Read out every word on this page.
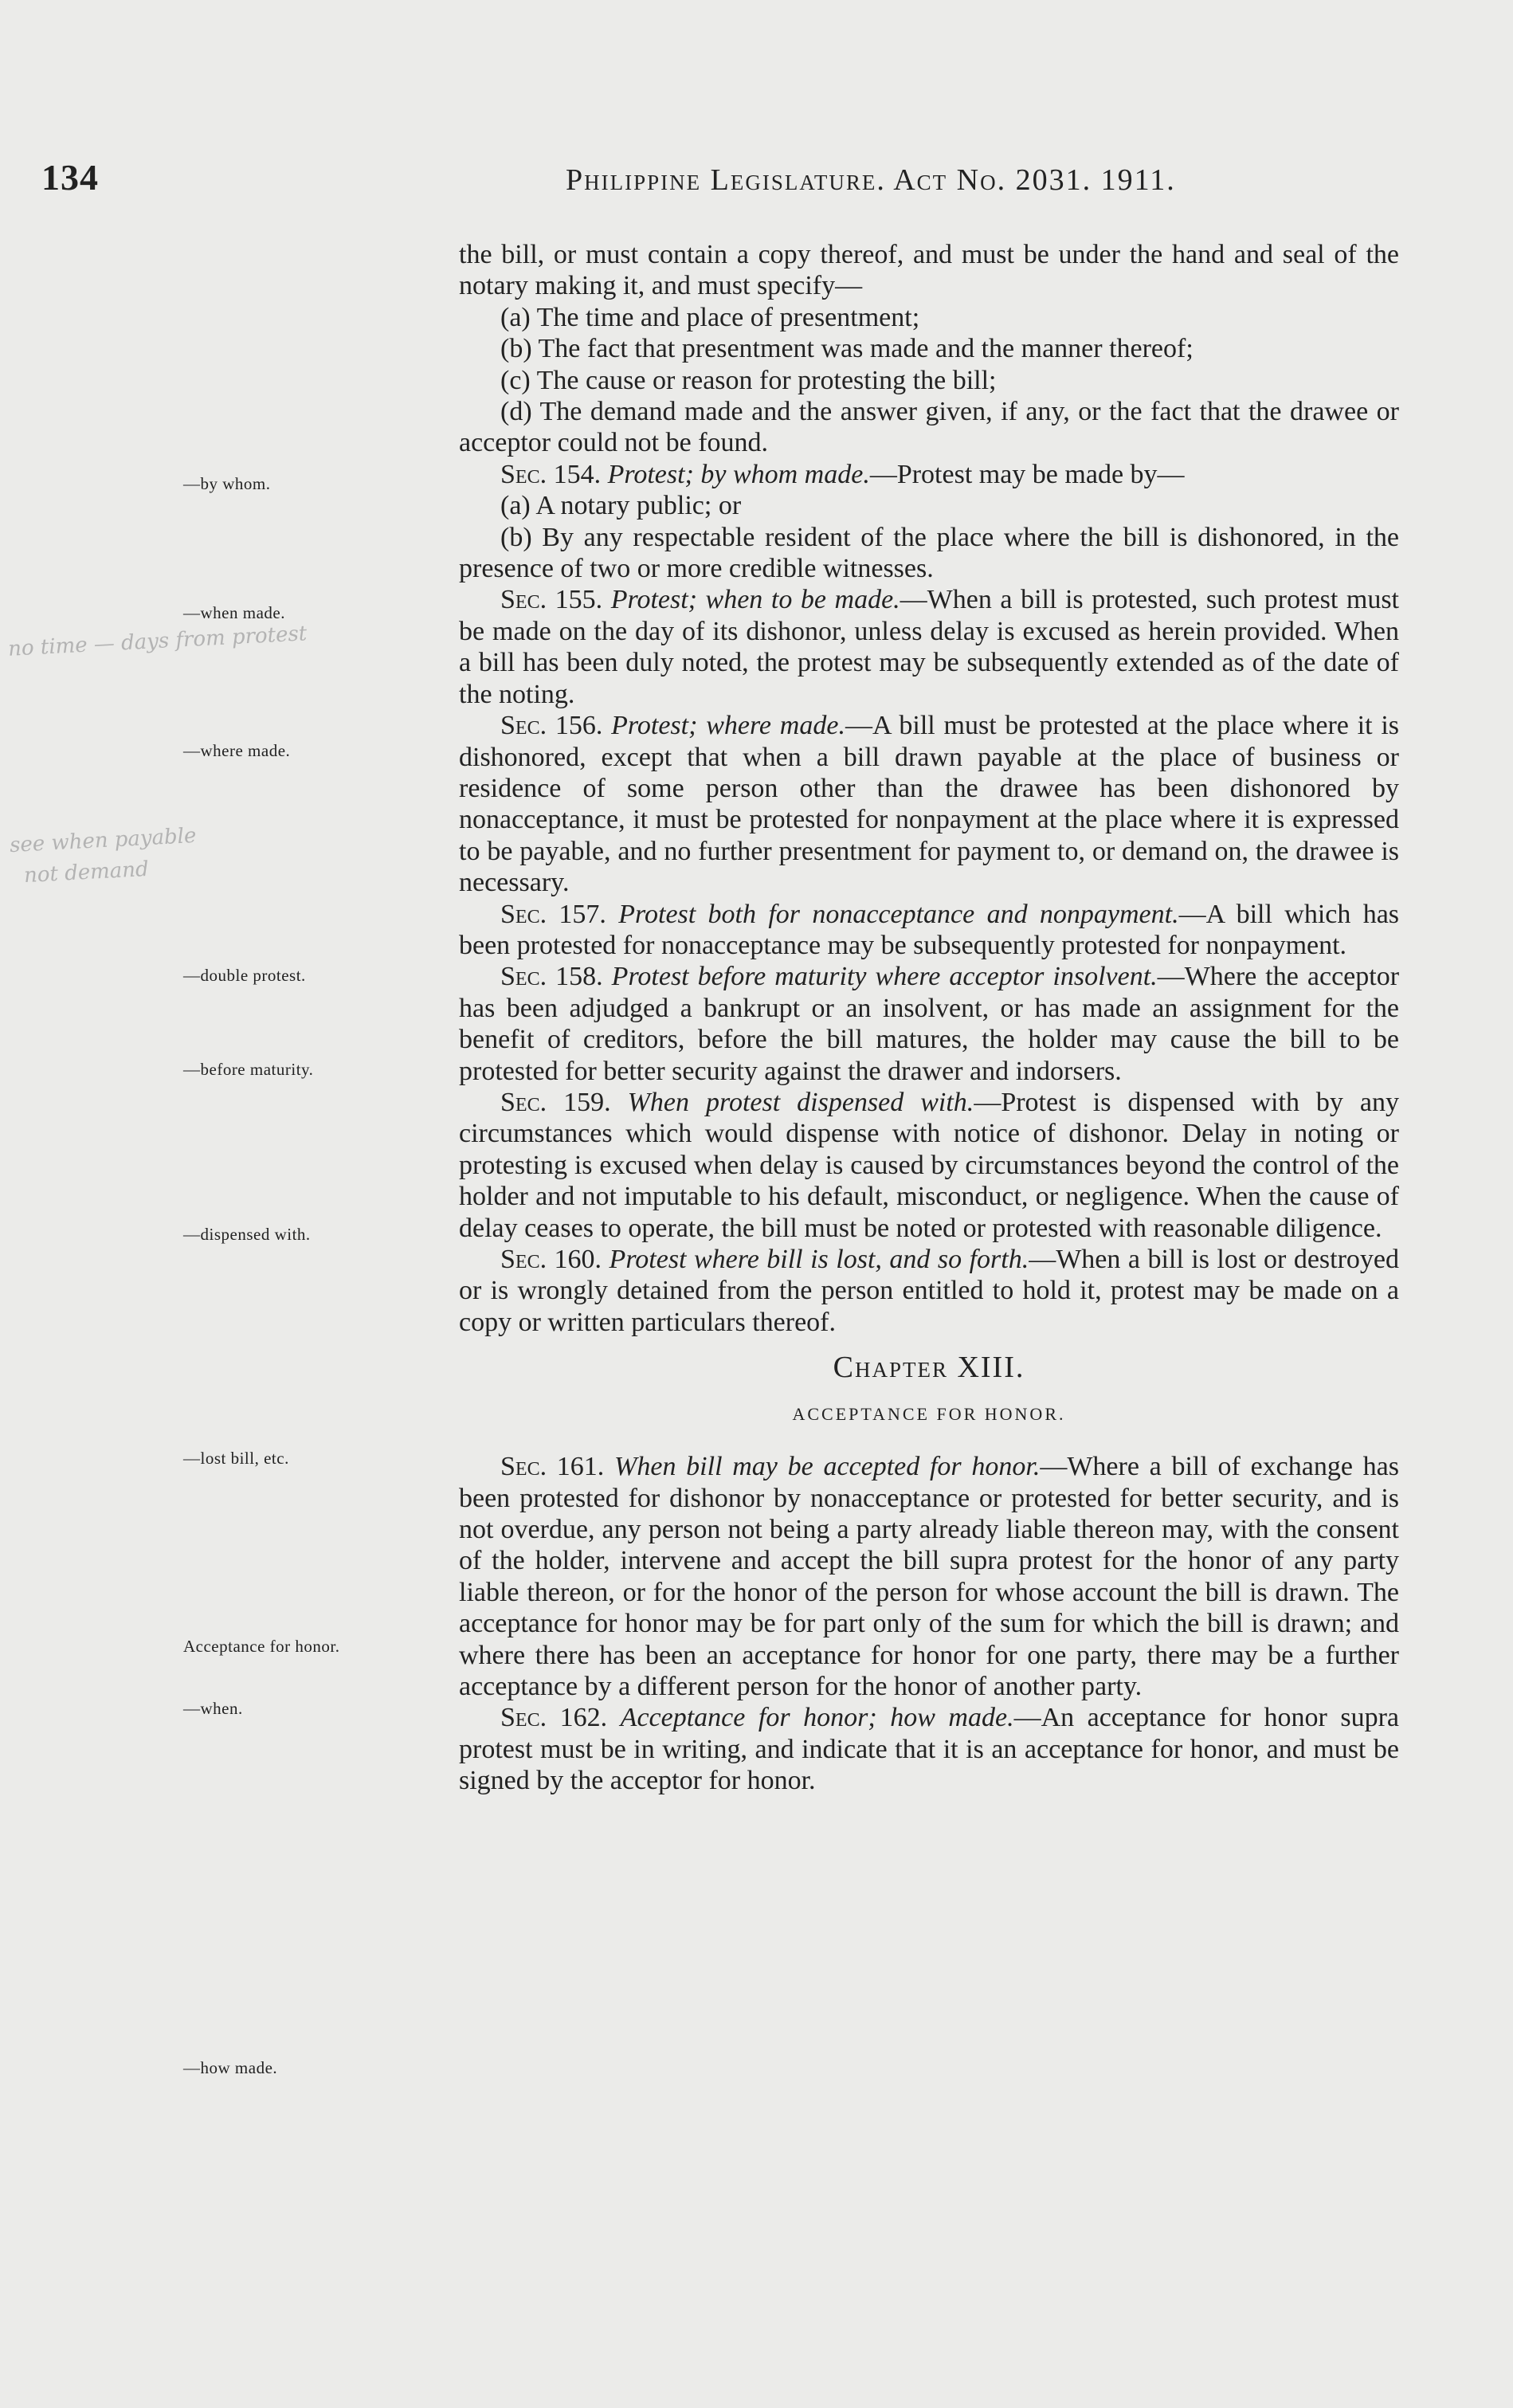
134	Philippine Legislature. Act No. 2031. 1911.
—by whom.
—when made.
—where made.
—double protest.
—before maturity.
—dispensed with.
—lost bill, etc.
Acceptance for honor.
—when.
—how made.
no time — days from protest
see when payable
not demand

the bill, or must contain a copy thereof, and must be under the hand and seal of the notary making it, and must specify—

(a) The time and place of presentment;

(b) The fact that presentment was made and the manner thereof;

(c) The cause or reason for protesting the bill;

(d) The demand made and the answer given, if any, or the fact that the drawee or acceptor could not be found.

Sec. 154. Protest; by whom made.—Protest may be made by—

(a) A notary public; or

(b) By any respectable resident of the place where the bill is dishonored, in the presence of two or more credible witnesses.

Sec. 155. Protest; when to be made.—When a bill is protested, such protest must be made on the day of its dishonor, unless delay is excused as herein provided. When a bill has been duly noted, the protest may be subsequently extended as of the date of the noting.

Sec. 156. Protest; where made.—A bill must be protested at the place where it is dishonored, except that when a bill drawn payable at the place of business or residence of some person other than the drawee has been dishonored by nonacceptance, it must be protested for nonpayment at the place where it is expressed to be payable, and no further presentment for payment to, or demand on, the drawee is necessary.

Sec. 157. Protest both for nonacceptance and nonpayment.—A bill which has been protested for nonacceptance may be subsequently protested for nonpayment.

Sec. 158. Protest before maturity where acceptor insolvent.—Where the acceptor has been adjudged a bankrupt or an insolvent, or has made an assignment for the benefit of creditors, before the bill matures, the holder may cause the bill to be protested for better security against the drawer and indorsers.

Sec. 159. When protest dispensed with.—Protest is dispensed with by any circumstances which would dispense with notice of dishonor. Delay in noting or protesting is excused when delay is caused by circumstances beyond the control of the holder and not imputable to his default, misconduct, or negligence. When the cause of delay ceases to operate, the bill must be noted or protested with reasonable diligence.

Sec. 160. Protest where bill is lost, and so forth.—When a bill is lost or destroyed or is wrongly detained from the person entitled to hold it, protest may be made on a copy or written particulars thereof.

Chapter XIII.
ACCEPTANCE FOR HONOR.

Sec. 161. When bill may be accepted for honor.—Where a bill of exchange has been protested for dishonor by nonacceptance or protested for better security, and is not overdue, any person not being a party already liable thereon may, with the consent of the holder, intervene and accept the bill supra protest for the honor of any party liable thereon, or for the honor of the person for whose account the bill is drawn. The acceptance for honor may be for part only of the sum for which the bill is drawn; and where there has been an acceptance for honor for one party, there may be a further acceptance by a different person for the honor of another party.

Sec. 162. Acceptance for honor; how made.—An acceptance for honor supra protest must be in writing, and indicate that it is an acceptance for honor, and must be signed by the acceptor for honor.
